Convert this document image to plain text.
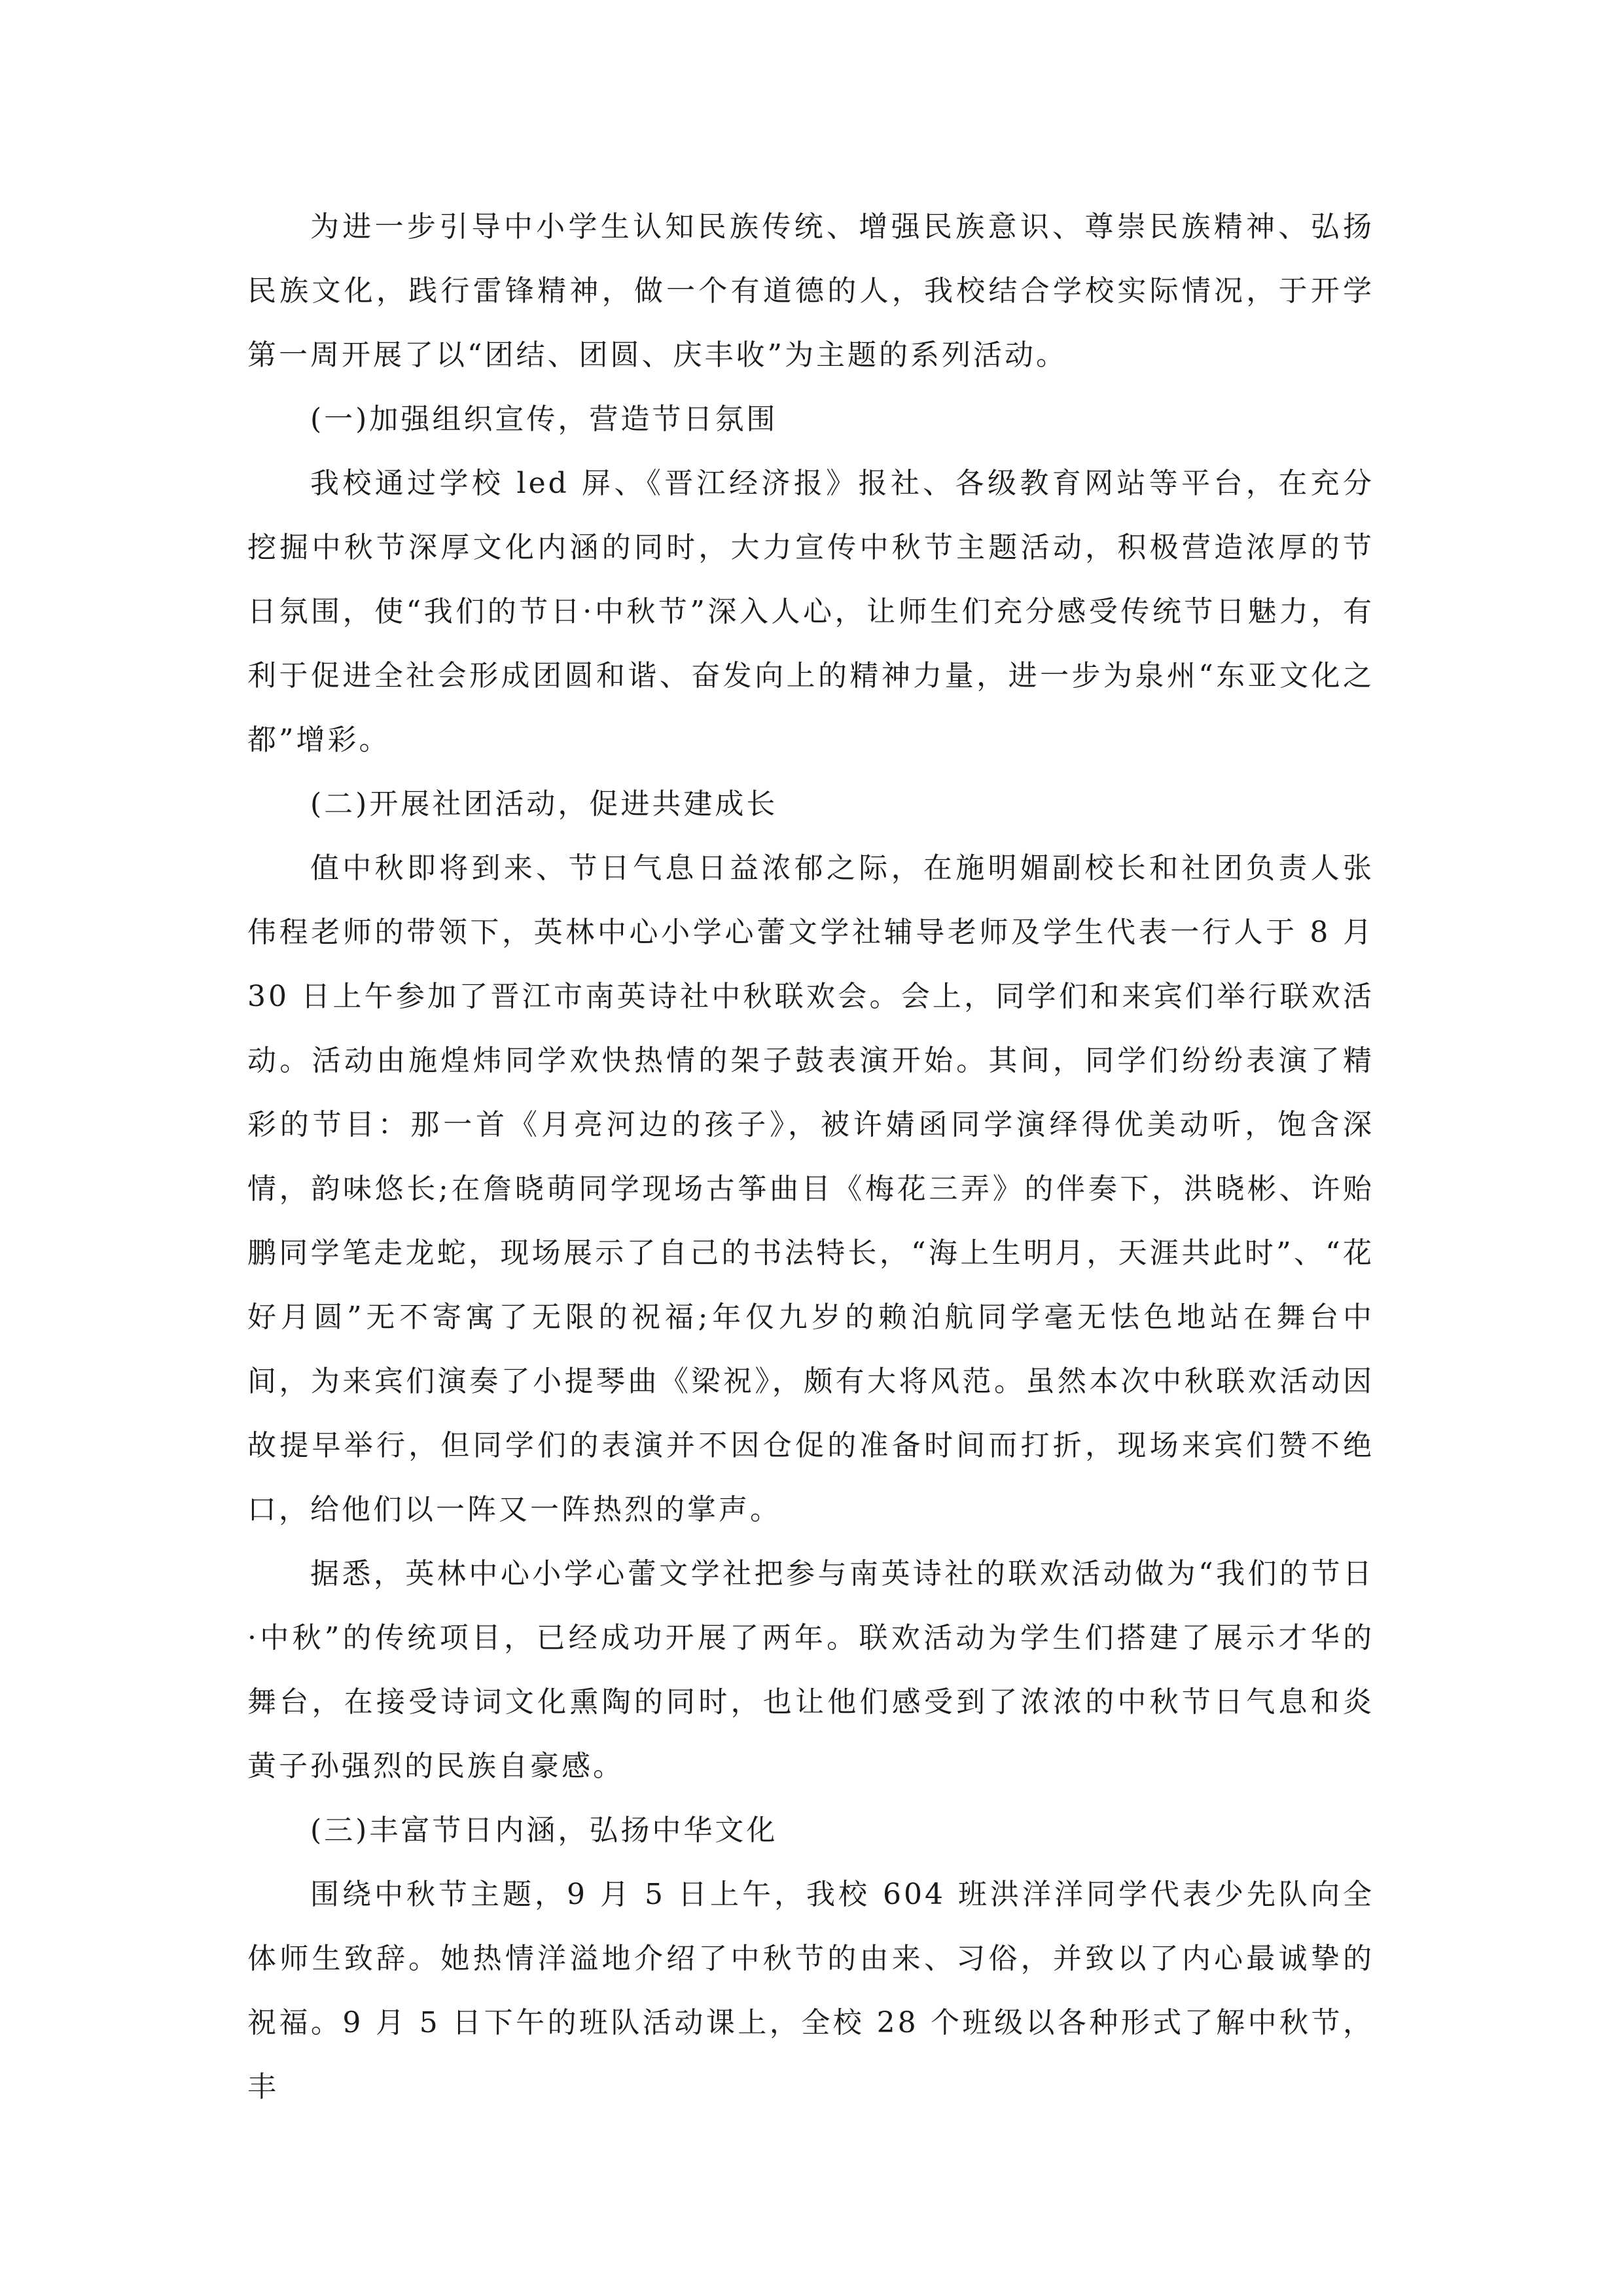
为进一步引导中小学生认知民族传统、增强民族意识、尊崇民族精神、弘扬民族文化，践行雷锋精神，做一个有道德的人，我校结合学校实际情况，于开学第一周开展了以“团结、团圆、庆丰收”为主题的系列活动。

(一)加强组织宣传，营造节日氛围

我校通过学校 led 屏、《晋江经济报》报社、各级教育网站等平台，在充分挖掘中秋节深厚文化内涵的同时，大力宣传中秋节主题活动，积极营造浓厚的节日氛围，使“我们的节日·中秋节”深入人心，让师生们充分感受传统节日魅力，有利于促进全社会形成团圆和谐、奋发向上的精神力量，进一步为泉州“东亚文化之都”增彩。

(二)开展社团活动，促进共建成长

值中秋即将到来、节日气息日益浓郁之际，在施明媚副校长和社团负责人张伟程老师的带领下，英林中心小学心蕾文学社辅导老师及学生代表一行人于 8 月 30 日上午参加了晋江市南英诗社中秋联欢会。会上，同学们和来宾们举行联欢活动。活动由施煌炜同学欢快热情的架子鼓表演开始。其间，同学们纷纷表演了精彩的节目：那一首《月亮河边的孩子》，被许婧函同学演绎得优美动听，饱含深情，韵味悠长;在詹晓萌同学现场古筝曲目《梅花三弄》的伴奏下，洪晓彬、许贻鹏同学笔走龙蛇，现场展示了自己的书法特长，“海上生明月，天涯共此时”、“花好月圆”无不寄寓了无限的祝福;年仅九岁的赖泊航同学毫无怯色地站在舞台中间，为来宾们演奏了小提琴曲《梁祝》，颇有大将风范。虽然本次中秋联欢活动因故提早举行，但同学们的表演并不因仓促的准备时间而打折，现场来宾们赞不绝口，给他们以一阵又一阵热烈的掌声。

据悉，英林中心小学心蕾文学社把参与南英诗社的联欢活动做为“我们的节日·中秋”的传统项目，已经成功开展了两年。联欢活动为学生们搭建了展示才华的舞台，在接受诗词文化熏陶的同时，也让他们感受到了浓浓的中秋节日气息和炎黄子孙强烈的民族自豪感。

(三)丰富节日内涵，弘扬中华文化

围绕中秋节主题，9 月 5 日上午，我校 604 班洪洋洋同学代表少先队向全体师生致辞。她热情洋溢地介绍了中秋节的由来、习俗，并致以了内心最诚挚的祝福。9 月 5 日下午的班队活动课上，全校 28 个班级以各种形式了解中秋节，丰
